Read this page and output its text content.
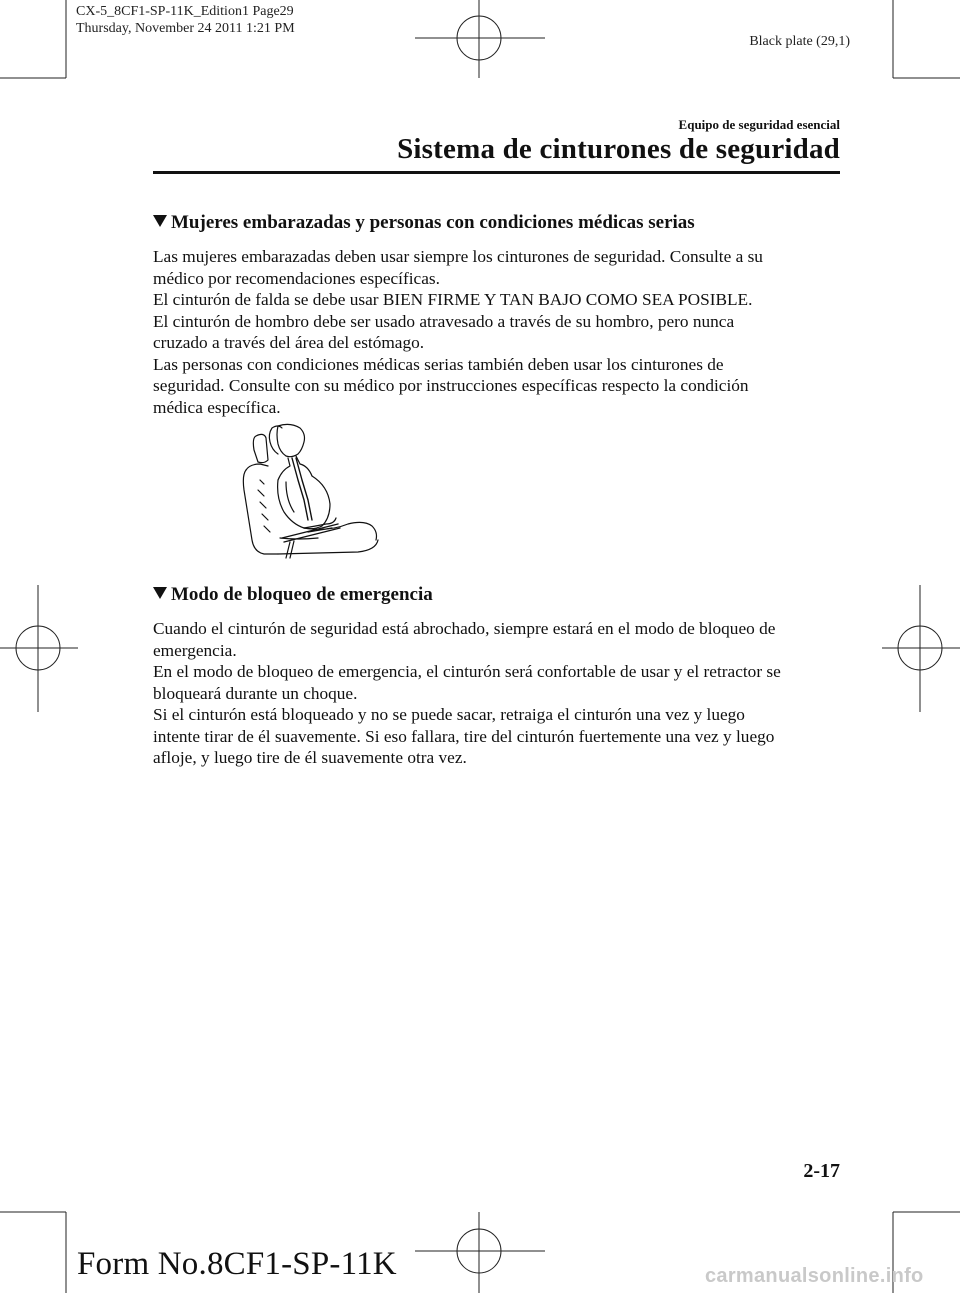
CX-5_8CF1-SP-11K_Edition1 Page29
Thursday, November 24 2011 1:21 PM
Black plate (29,1)
Equipo de seguridad esencial
Sistema de cinturones de seguridad
Mujeres embarazadas y personas con condiciones médicas serias
Las mujeres embarazadas deben usar siempre los cinturones de seguridad. Consulte a su
médico por recomendaciones específicas.
El cinturón de falda se debe usar BIEN FIRME Y TAN BAJO COMO SEA POSIBLE.
El cinturón de hombro debe ser usado atravesado a través de su hombro, pero nunca
cruzado a través del área del estómago.
Las personas con condiciones médicas serias también deben usar los cinturones de
seguridad. Consulte con su médico por instrucciones específicas respecto la condición
médica específica.
Modo de bloqueo de emergencia
Cuando el cinturón de seguridad está abrochado, siempre estará en el modo de bloqueo de
emergencia.
En el modo de bloqueo de emergencia, el cinturón será confortable de usar y el retractor se
bloqueará durante un choque.
Si el cinturón está bloqueado y no se puede sacar, retraiga el cinturón una vez y luego
intente tirar de él suavemente. Si eso fallara, tire del cinturón fuertemente una vez y luego
afloje, y luego tire de él suavemente otra vez.
2-17
Form No.8CF1-SP-11K	carmanualsonline.info
